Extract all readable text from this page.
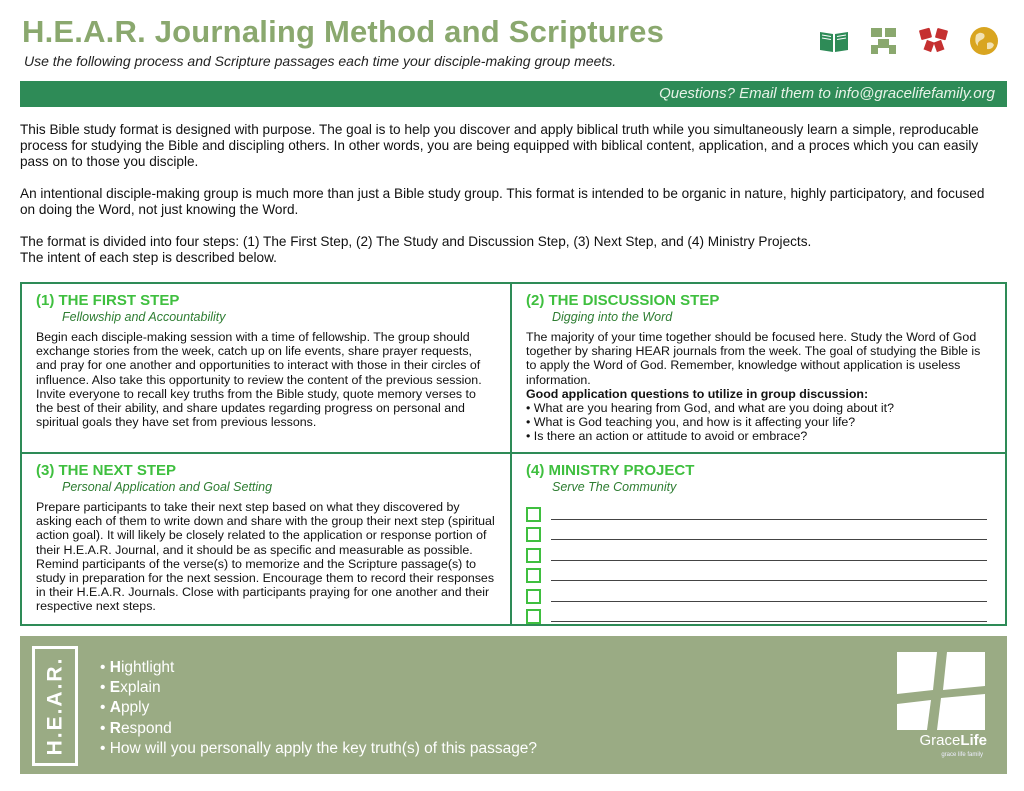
H.E.A.R. Journaling Method and Scriptures
Use the following process and Scripture passages each time your disciple-making group meets.
Questions? Email them to info@gracelifefamily.org

This Bible study format is designed with purpose. The goal is to help you discover and apply biblical truth while you simultaneously learn a simple, reproducable process for studying the Bible and discipling others. In other words, you are being equipped with biblical content, application, and a proces which you can easily pass on to those you disciple.

An intentional disciple-making group is much more than just a Bible study group. This format is intended to be organic in nature, highly participatory, and focused on doing the Word, not just knowing the Word.

The format is divided into four steps: (1) The First Step, (2) The Study and Discussion Step, (3) Next Step, and (4) Ministry Projects.
The intent of each step is described below.

(1) THE FIRST STEP
Fellowship and Accountability
Begin each disciple-making session with a time of fellowship. The group should exchange stories from the week, catch up on life events, share prayer requests, and pray for one another and opportunities to interact with those in their circles of influence. Also take this opportunity to review the content of the previous session. Invite everyone to recall key truths from the Bible study, quote memory verses to the best of their ability, and share updates regarding progress on personal and spiritual goals they have set from previous lessons.
(2) THE DISCUSSION STEP
Digging into the Word
The majority of your time together should be focused here. Study the Word of God together by sharing HEAR journals from the week. The goal of studying the Bible is to apply the Word of God. Remember, knowledge without application is useless information.
Good application questions to utilize in group discussion:
• What are you hearing from God, and what are you doing about it?
• What is God teaching you, and how is it affecting your life?
• Is there an action or attitude to avoid or embrace?
(3) THE NEXT STEP
Personal Application and Goal Setting
Prepare participants to take their next step based on what they discovered by asking each of them to write down and share with the group their next step (spiritual action goal). It will likely be closely related to the application or response portion of their H.E.A.R. Journal, and it should be as specific and measurable as possible. Remind participants of the verse(s) to memorize and the Scripture passage(s) to study in preparation for the next session. Encourage them to record their responses in their H.E.A.R. Journals. Close with participants praying for one another and their respective next steps.
(4) MINISTRY PROJECT
Serve The Community
H.E.A.R. • Hightlight
• Explain
• Apply
• Respond
• How will you personally apply the key truth(s) of this passage?	GraceLife
grace life family
